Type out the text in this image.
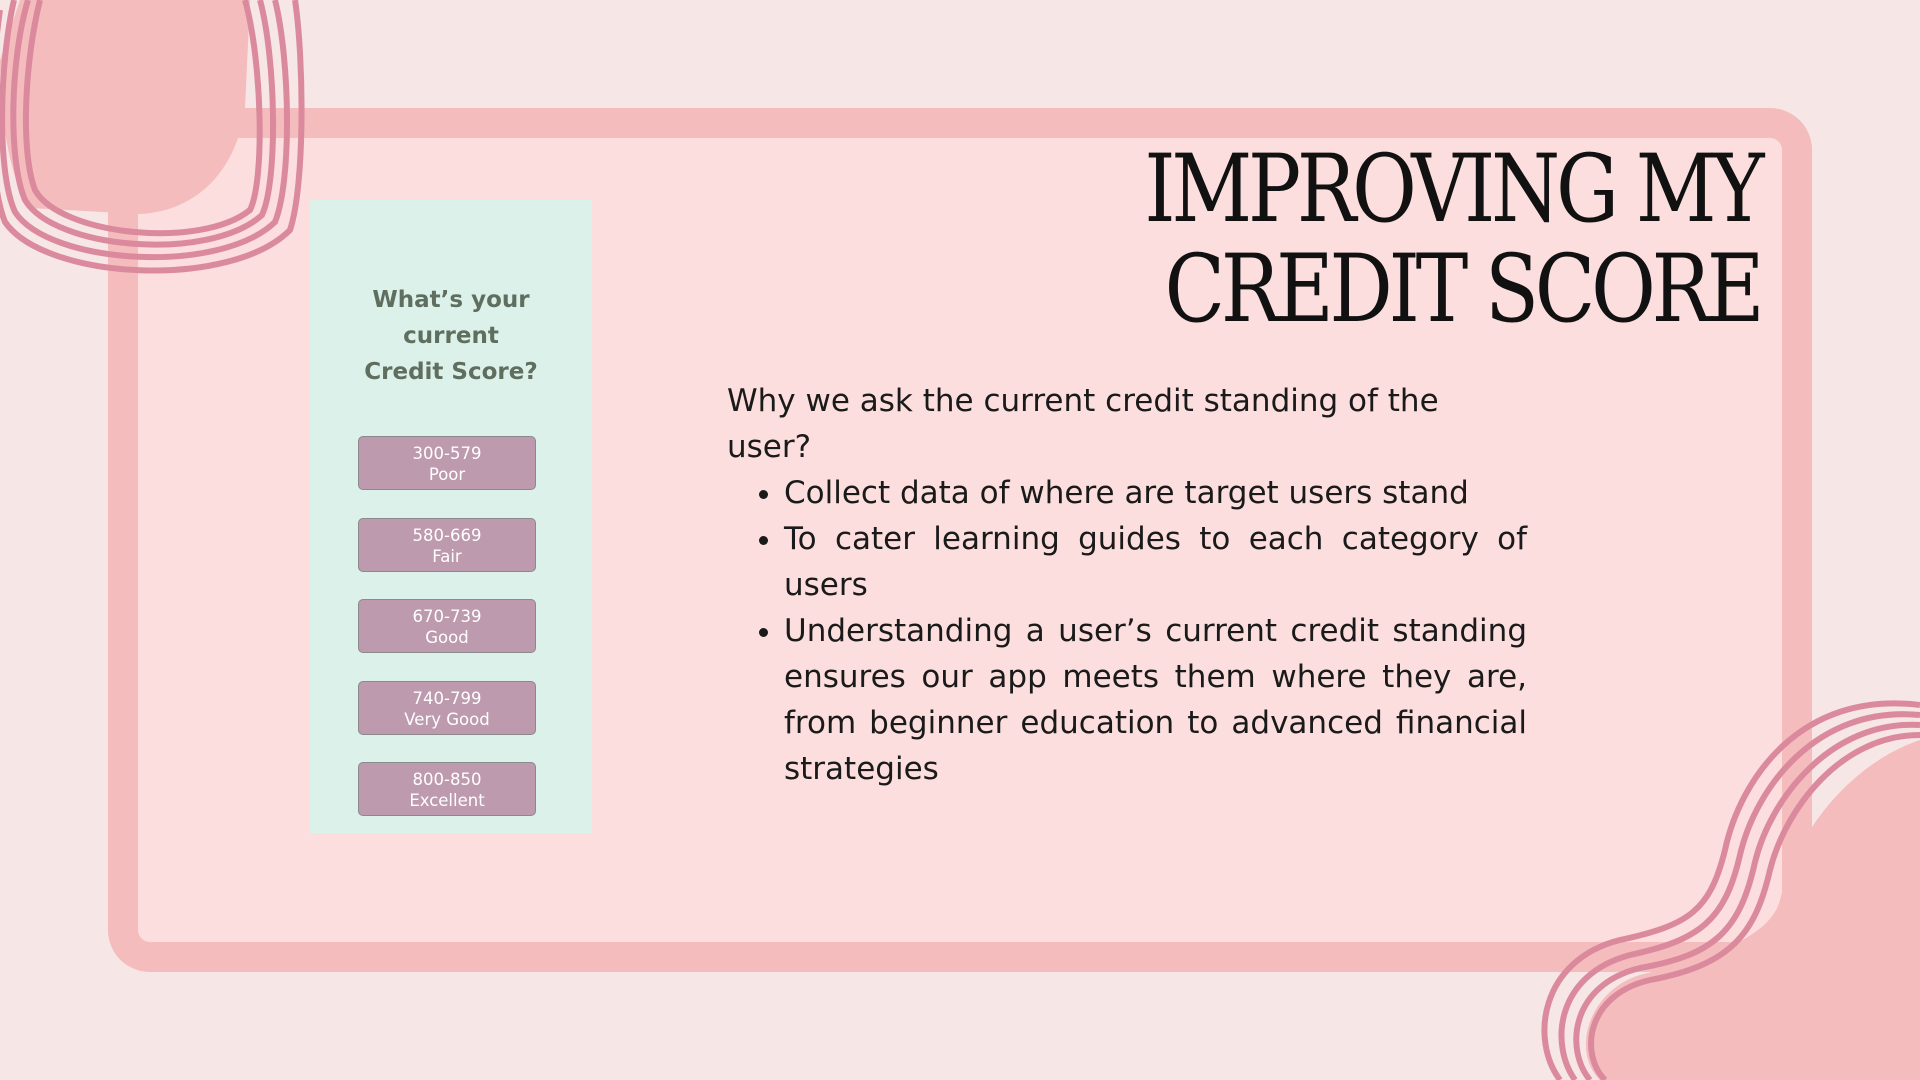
What’s your current Credit Score?
300-579
Poor
580-669
Fair
670-739
Good
740-799
Very Good
800-850
Excellent
IMPROVING MY
CREDIT SCORE
Why we ask the current credit standing of the user?
• Collect data of where are target users stand
• To cater learning guides to each category of users
• Understanding a user’s current credit standing ensures our app meets them where they are, from beginner education to advanced financial strategies
